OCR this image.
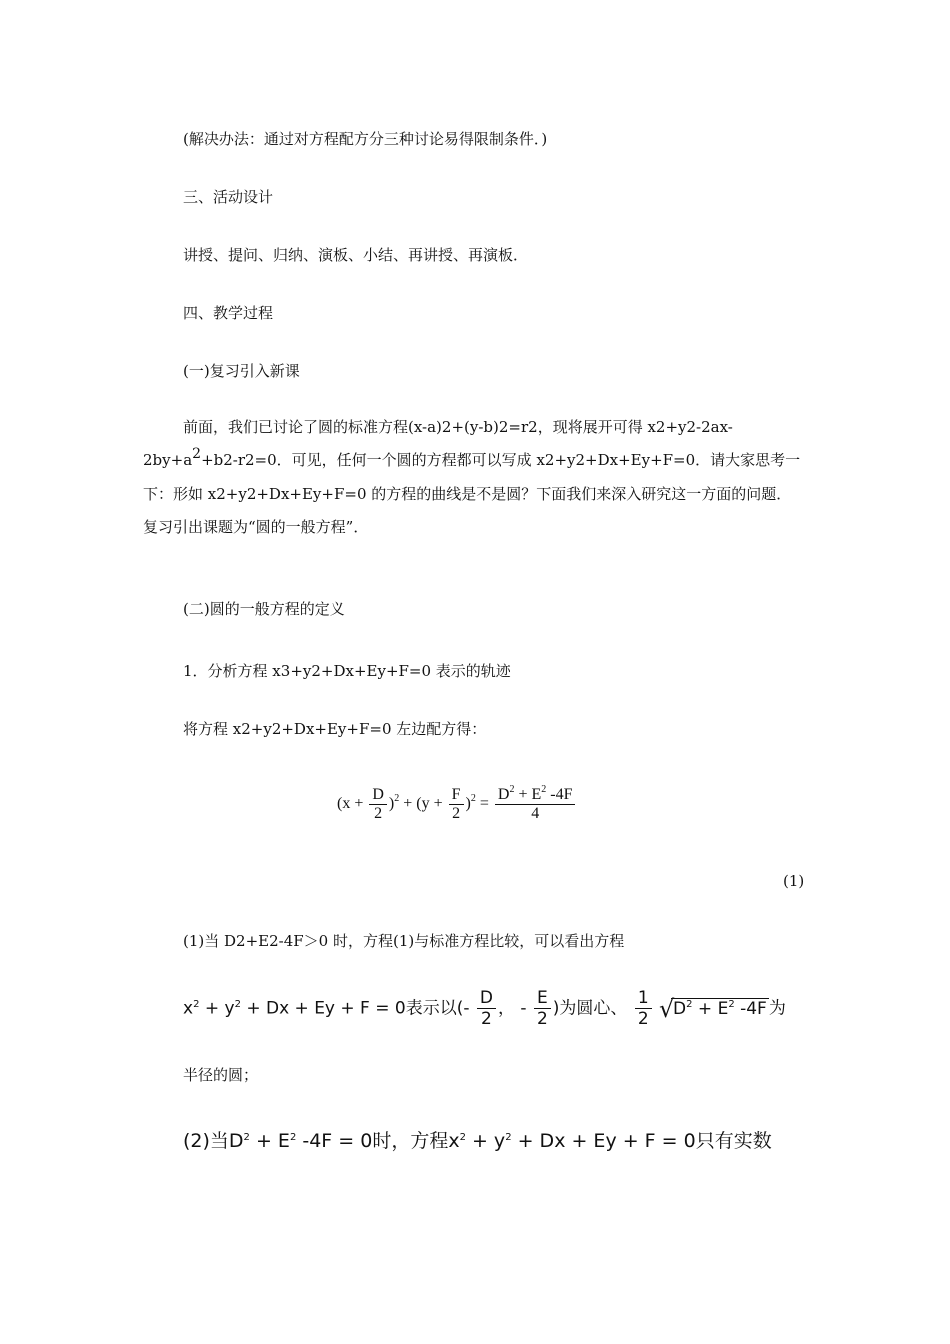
(解决办法：通过对方程配方分三种讨论易得限制条件．)
三、活动设计
讲授、提问、归纳、演板、小结、再讲授、再演板．
四、教学过程
(一)复习引入新课
前面，我们已讨论了圆的标准方程(x-a)2+(y-b)2=r2，现将展开可得 x2+y2-2ax-
2by+a2+b2-r2=0．可见，任何一个圆的方程都可以写成 x2+y2+Dx+Ey+F=0．请大家思考一
下：形如 x2+y2+Dx+Ey+F=0 的方程的曲线是不是圆？下面我们来深入研究这一方面的问题．
复习引出课题为“圆的一般方程”．
(二)圆的一般方程的定义
1．分析方程 x3+y2+Dx+Ey+F=0 表示的轨迹
将方程 x2+y2+Dx+Ey+F=0 左边配方得：
$(x + \frac{D}{2} )^2 + (y + \frac{F}{2} )^2 = \frac{D^2 + E^2 -4F}{4}$
(1)
(1)当 D2+E2-4F＞0 时，方程(1)与标准方程比较，可以看出方程
$x^2 + y^2 + Dx + Ey + F = 0$表示以(- $\frac{D}{2}$ ， - $\frac{E}{2}$ )为圆心、 $\frac{1}{2}$
√
$D^2 + E^2$ -4F 为
半径的圆；
(2)当$D^2 + E^2$ -4F = 0时，方程$x^2 + y^2 + Dx + Ey + F = 0$只有实数
